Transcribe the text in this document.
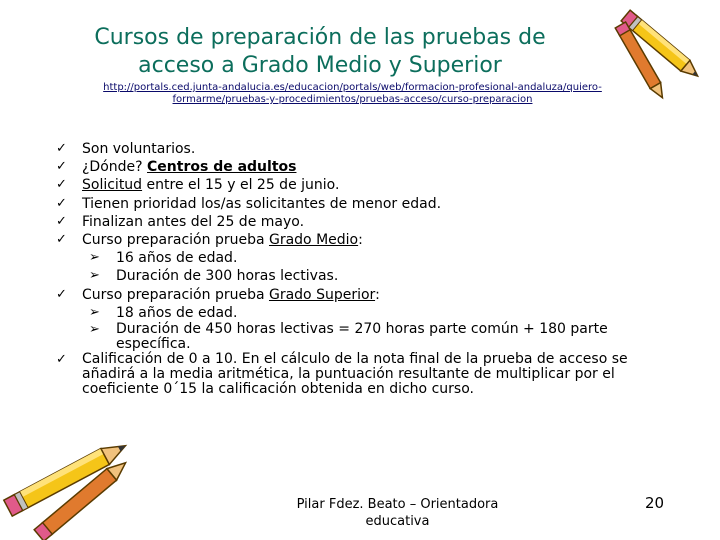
Cursos de preparación de las pruebas de
acceso a Grado Medio y Superior
http://portals.ced.junta-andalucia.es/educacion/portals/web/formacion-profesional-andaluza/quiero-
formarme/pruebas-y-procedimientos/pruebas-acceso/curso-preparacion
✓ Son voluntarios.
✓ ¿Dónde? Centros de adultos
✓ Solicitud entre el 15 y el 25 de junio.
✓ Tienen prioridad los/as solicitantes de menor edad.
✓ Finalizan antes del 25 de mayo.
✓ Curso preparación prueba Grado Medio:
➢	16 años de edad.
➢	Duración de 300 horas lectivas.
✓ Curso preparación prueba Grado Superior:
➢	18 años de edad.
➢	Duración de 450 horas lectivas = 270 horas parte común + 180 parte específica.
✓ Calificación de 0 a 10. En el cálculo de la nota final de la prueba de acceso se añadirá a la media aritmética, la puntuación resultante de multiplicar por el coeficiente 0´15 la calificación obtenida en dicho curso.
Pilar Fdez. Beato – Orientadora
educativa
20
